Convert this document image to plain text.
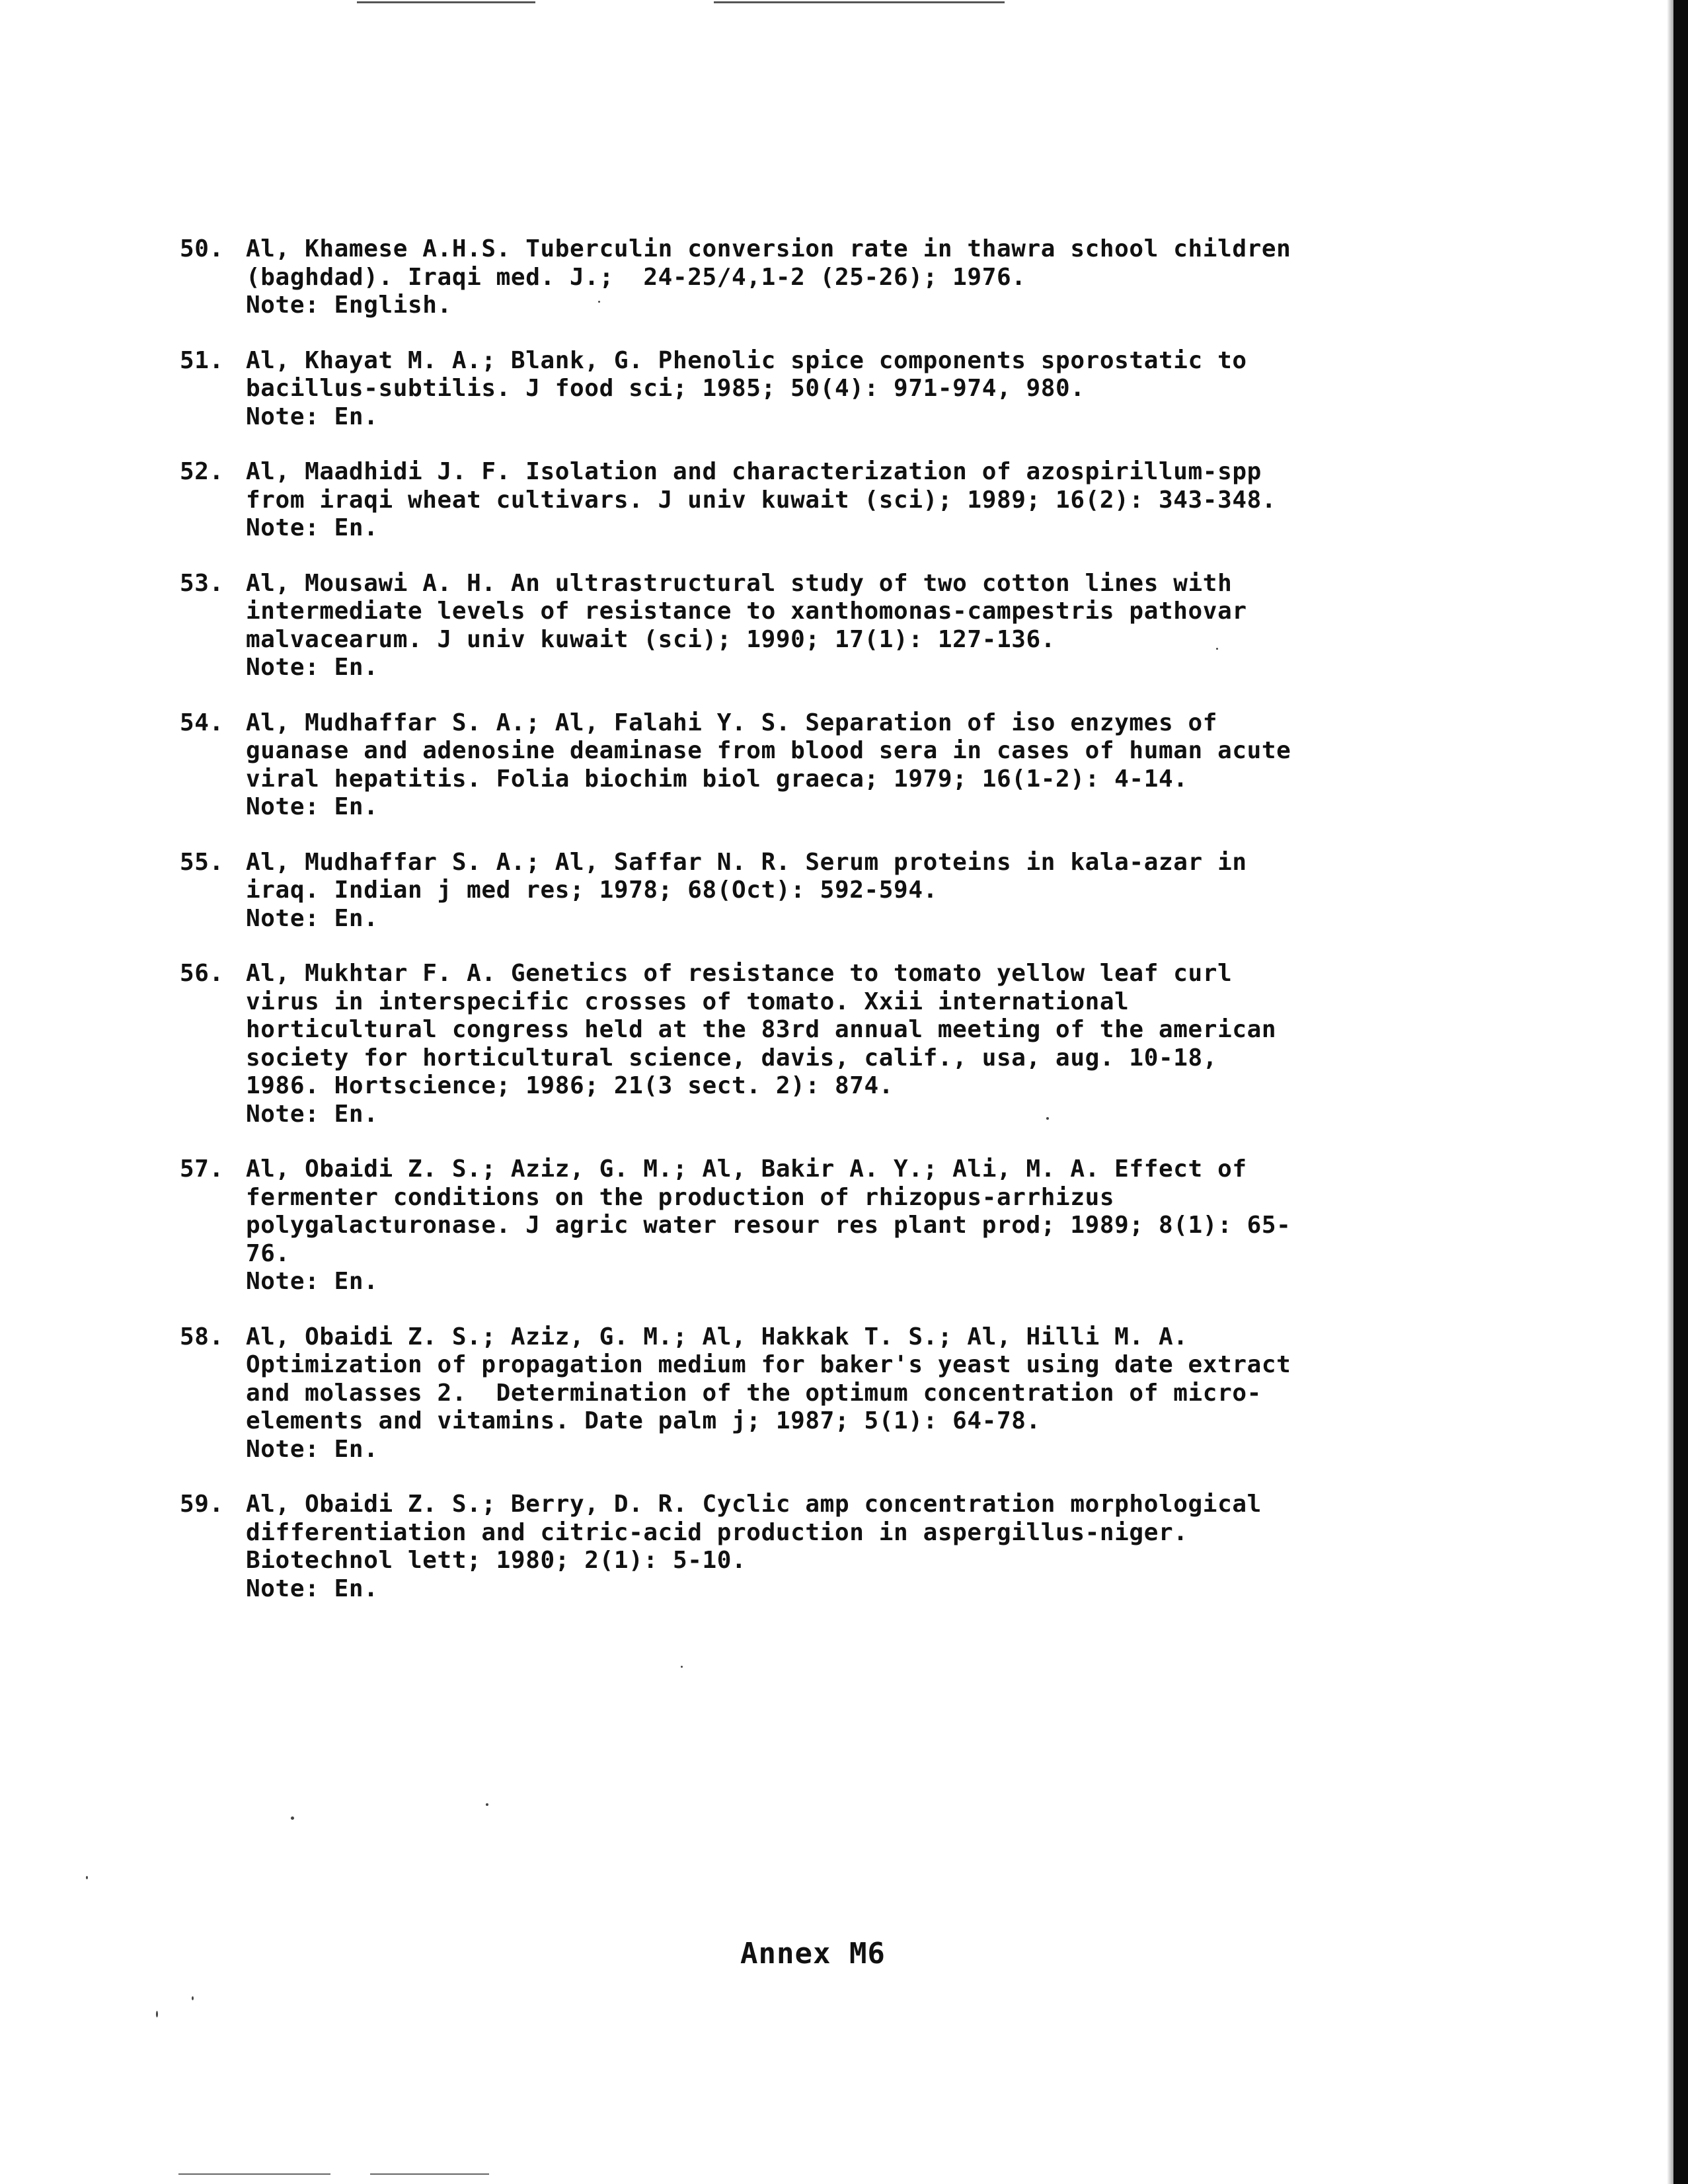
50. Al, Khamese A.H.S. Tuberculin conversion rate in thawra school children
(baghdad). Iraqi med. J.;  24-25/4,1-2 (25-26); 1976.
Note: English.
51. Al, Khayat M. A.; Blank, G. Phenolic spice components sporostatic to
bacillus-subtilis. J food sci; 1985; 50(4): 971-974, 980.
Note: En.
52. Al, Maadhidi J. F. Isolation and characterization of azospirillum-spp
from iraqi wheat cultivars. J univ kuwait (sci); 1989; 16(2): 343-348.
Note: En.
53. Al, Mousawi A. H. An ultrastructural study of two cotton lines with
intermediate levels of resistance to xanthomonas-campestris pathovar
malvacearum. J univ kuwait (sci); 1990; 17(1): 127-136.
Note: En.
54. Al, Mudhaffar S. A.; Al, Falahi Y. S. Separation of iso enzymes of
guanase and adenosine deaminase from blood sera in cases of human acute
viral hepatitis. Folia biochim biol graeca; 1979; 16(1-2): 4-14.
Note: En.
55. Al, Mudhaffar S. A.; Al, Saffar N. R. Serum proteins in kala-azar in
iraq. Indian j med res; 1978; 68(Oct): 592-594.
Note: En.
56. Al, Mukhtar F. A. Genetics of resistance to tomato yellow leaf curl
virus in interspecific crosses of tomato. Xxii international
horticultural congress held at the 83rd annual meeting of the american
society for horticultural science, davis, calif., usa, aug. 10-18,
1986. Hortscience; 1986; 21(3 sect. 2): 874.
Note: En.
57. Al, Obaidi Z. S.; Aziz, G. M.; Al, Bakir A. Y.; Ali, M. A. Effect of
fermenter conditions on the production of rhizopus-arrhizus
polygalacturonase. J agric water resour res plant prod; 1989; 8(1): 65-
76.
Note: En.
58. Al, Obaidi Z. S.; Aziz, G. M.; Al, Hakkak T. S.; Al, Hilli M. A.
Optimization of propagation medium for baker's yeast using date extract
and molasses 2.  Determination of the optimum concentration of micro-
elements and vitamins. Date palm j; 1987; 5(1): 64-78.
Note: En.
59. Al, Obaidi Z. S.; Berry, D. R. Cyclic amp concentration morphological
differentiation and citric-acid production in aspergillus-niger.
Biotechnol lett; 1980; 2(1): 5-10.
Note: En.
Annex M6
